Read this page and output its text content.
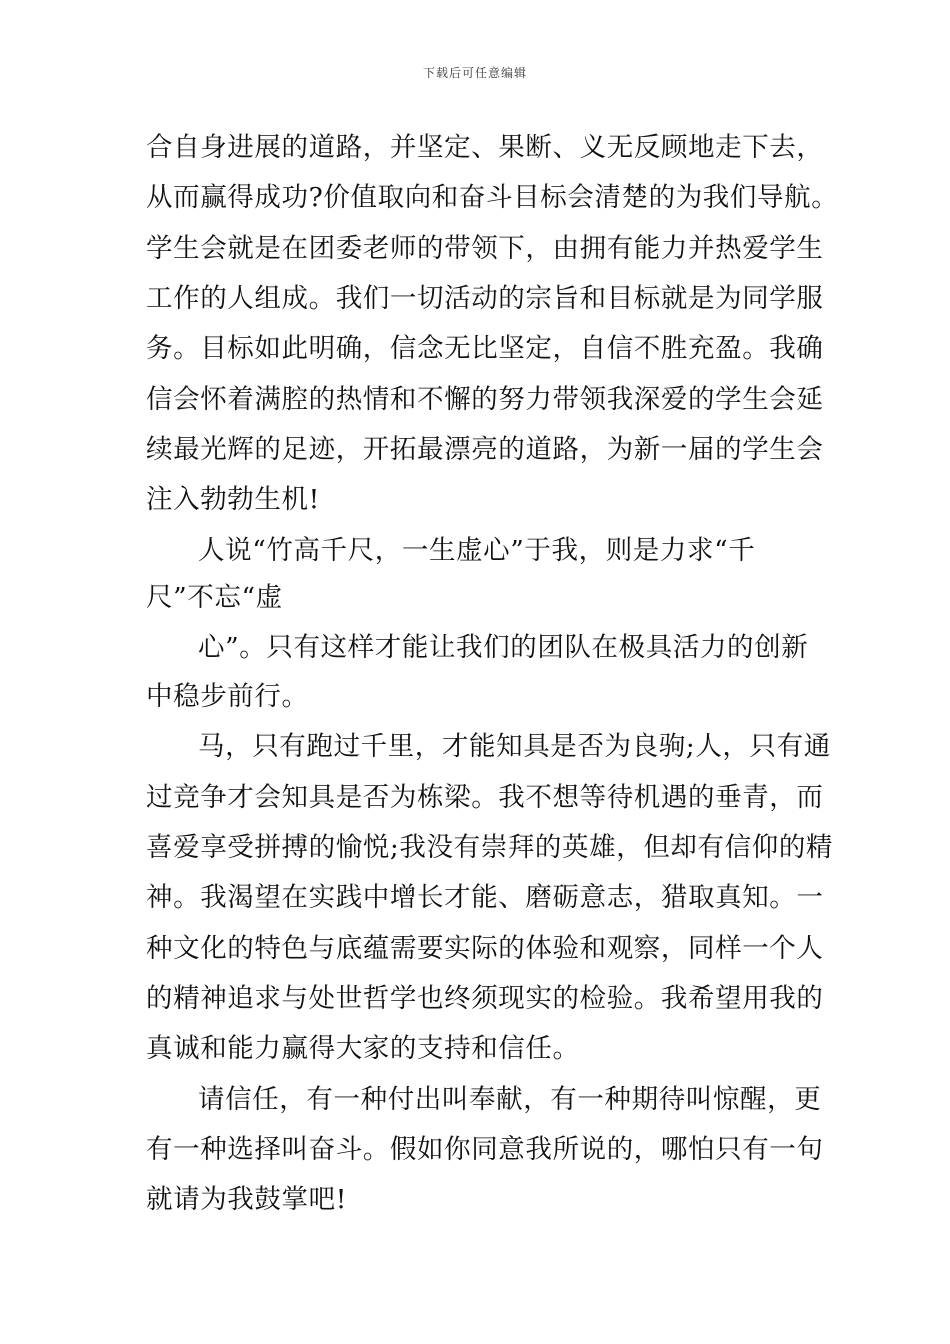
下载后可任意编辑
合自身进展的道路，并坚定、果断、义无反顾地走下去，
从而赢得成功?价值取向和奋斗目标会清楚的为我们导航。
学生会就是在团委老师的带领下，由拥有能力并热爱学生
工作的人组成。我们一切活动的宗旨和目标就是为同学服
务。目标如此明确，信念无比坚定，自信不胜充盈。我确
信会怀着满腔的热情和不懈的努力带领我深爱的学生会延
续最光辉的足迹，开拓最漂亮的道路，为新一届的学生会
注入勃勃生机!
人说“竹高千尺，一生虚心”于我，则是力求“千
尺”不忘“虚
心”。只有这样才能让我们的团队在极具活力的创新
中稳步前行。
马，只有跑过千里，才能知具是否为良驹;人，只有通
过竞争才会知具是否为栋梁。我不想等待机遇的垂青，而
喜爱享受拼搏的愉悦;我没有崇拜的英雄，但却有信仰的精
神。我渴望在实践中增长才能、磨砺意志，猎取真知。一
种文化的特色与底蕴需要实际的体验和观察，同样一个人
的精神追求与处世哲学也终须现实的检验。我希望用我的
真诚和能力赢得大家的支持和信任。
请信任，有一种付出叫奉献，有一种期待叫惊醒，更
有一种选择叫奋斗。假如你同意我所说的，哪怕只有一句
就请为我鼓掌吧!
